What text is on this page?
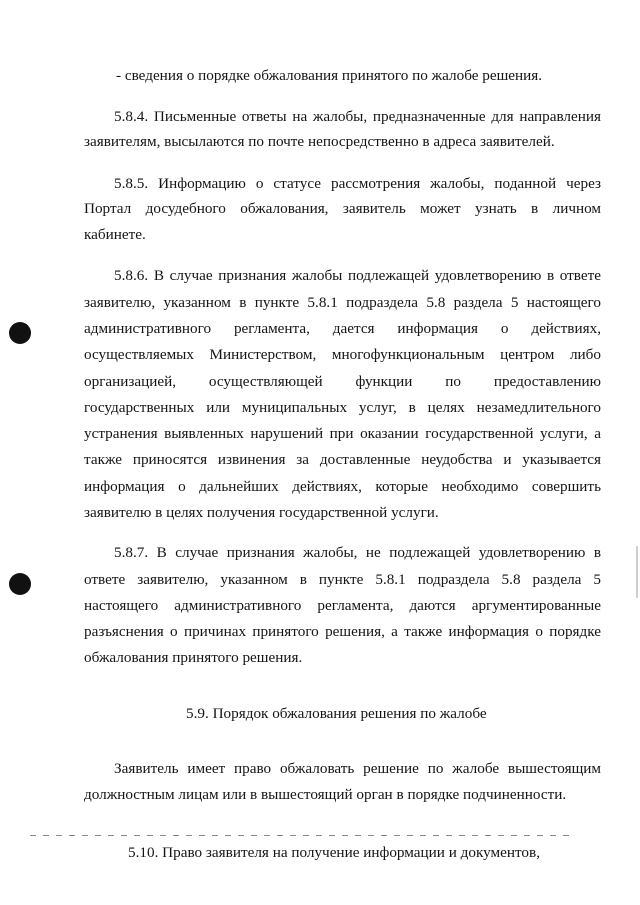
- сведения о порядке обжалования принятого по жалобе решения.
5.8.4. Письменные ответы на жалобы, предназначенные для направления
заявителям, высылаются по почте непосредственно в адреса заявителей.
5.8.5. Информацию о статусе рассмотрения жалобы, поданной через
Портал досудебного обжалования, заявитель может узнать в личном
кабинете.
5.8.6. В случае признания жалобы подлежащей удовлетворению в ответе
заявителю, указанном в пункте 5.8.1 подраздела 5.8 раздела 5 настоящего
административного регламента, дается информация о действиях,
осуществляемых Министерством, многофункциональным центром либо
организацией, осуществляющей функции по предоставлению
государственных или муниципальных услуг, в целях незамедлительного
устранения выявленных нарушений при оказании государственной услуги, а
также приносятся извинения за доставленные неудобства и указывается
информация о дальнейших действиях, которые необходимо совершить
заявителю в целях получения государственной услуги.
5.8.7. В случае признания жалобы, не подлежащей удовлетворению в
ответе заявителю, указанном в пункте 5.8.1 подраздела 5.8 раздела 5
настоящего административного регламента, даются аргументированные
разъяснения о причинах принятого решения, а также информация о порядке
обжалования принятого решения.
5.9. Порядок обжалования решения по жалобе
Заявитель имеет право обжаловать решение по жалобе вышестоящим
должностным лицам или в вышестоящий орган в порядке подчиненности.
5.10. Право заявителя на получение информации и документов,
